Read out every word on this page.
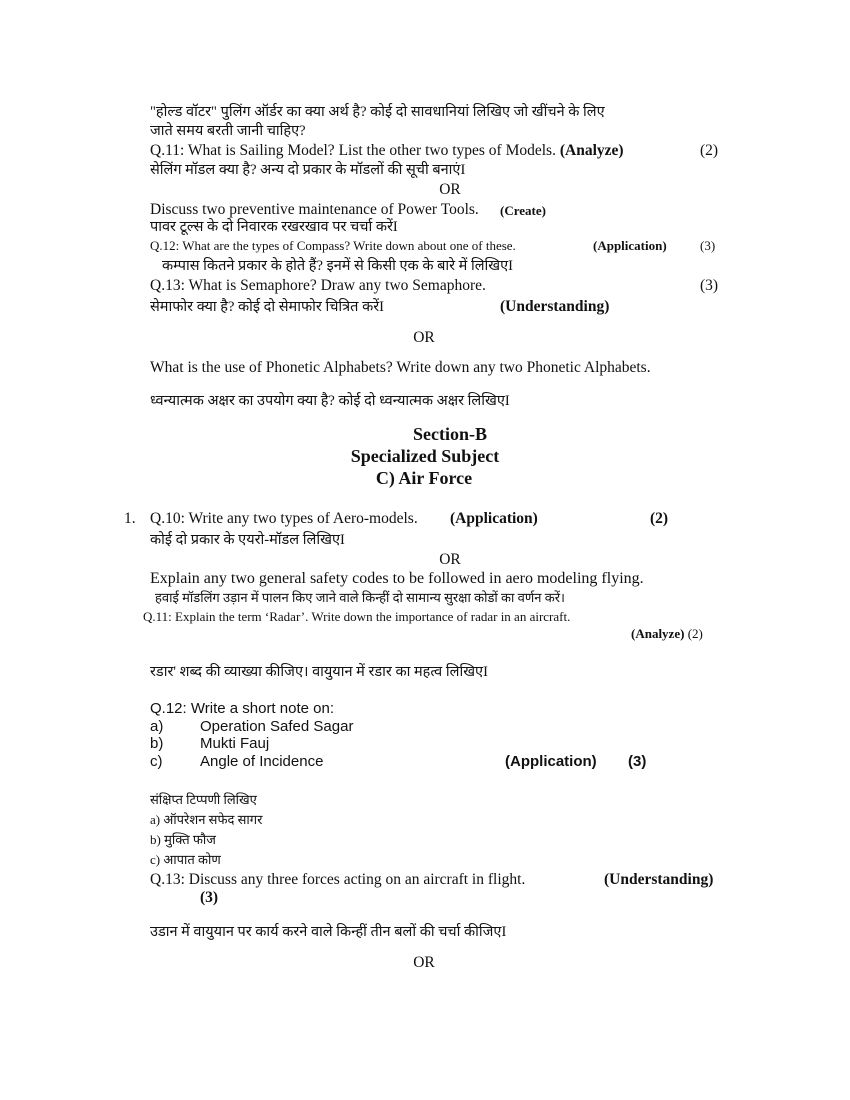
"होल्ड वॉटर" पुलिंग ऑर्डर का क्या अर्थ है? कोई दो सावधानियां लिखिए जो खींचने के लिए
जाते समय बरती जानी चाहिए?
Q.11: What is Sailing Model? List the other two types of Models. (Analyze)	(2)
सेलिंग मॉडल क्या है? अन्य दो प्रकार के मॉडलों की सूची बनाएंI
OR
Discuss two preventive maintenance of Power Tools. (Create)
पावर टूल्स के दो निवारक रखरखाव पर चर्चा करेंI
Q.12: What are the types of Compass? Write down about one of these.	(Application)	(3)
कम्पास कितने प्रकार के होते हैं? इनमें से किसी एक के बारे में लिखिएI
Q.13: What is Semaphore? Draw any two Semaphore.	(3)
सेमाफोर क्या है? कोई दो सेमाफोर चित्रित करेंI	(Understanding)
OR
What is the use of Phonetic Alphabets? Write down any two Phonetic Alphabets.
ध्वन्यात्मक अक्षर का उपयोग क्या है? कोई दो ध्वन्यात्मक अक्षर लिखिएI
Section-B
Specialized Subject
C) Air Force
1. Q.10: Write any two types of Aero-models. (Application)	(2)
कोई दो प्रकार के एयरो-मॉडल लिखिएI
OR
Explain any two general safety codes to be followed in aero modeling flying.
हवाई मॉडलिंग उड़ान में पालन किए जाने वाले किन्हीं दो सामान्य सुरक्षा कोडों का वर्णन करें।
Q.11: Explain the term ‘Radar’. Write down the importance of radar in an aircraft.
(Analyze) (2)
रडार' शब्द की व्याख्या कीजिए। वायुयान में रडार का महत्व लिखिएI
Q.12: Write a short note on:
a) Operation Safed Sagar
b) Mukti Fauj
c)	Angle of Incidence	(Application) (3)
संक्षिप्त टिप्पणी लिखिए
a) ऑपरेशन सफेद सागर
b) मुक्ति फौज
c) आपात कोण
Q.13: Discuss any three forces acting on an aircraft in flight.	(Understanding)
(3)
उडान में वायुयान पर कार्य करने वाले किन्हीं तीन बलों की चर्चा कीजिएI
OR
